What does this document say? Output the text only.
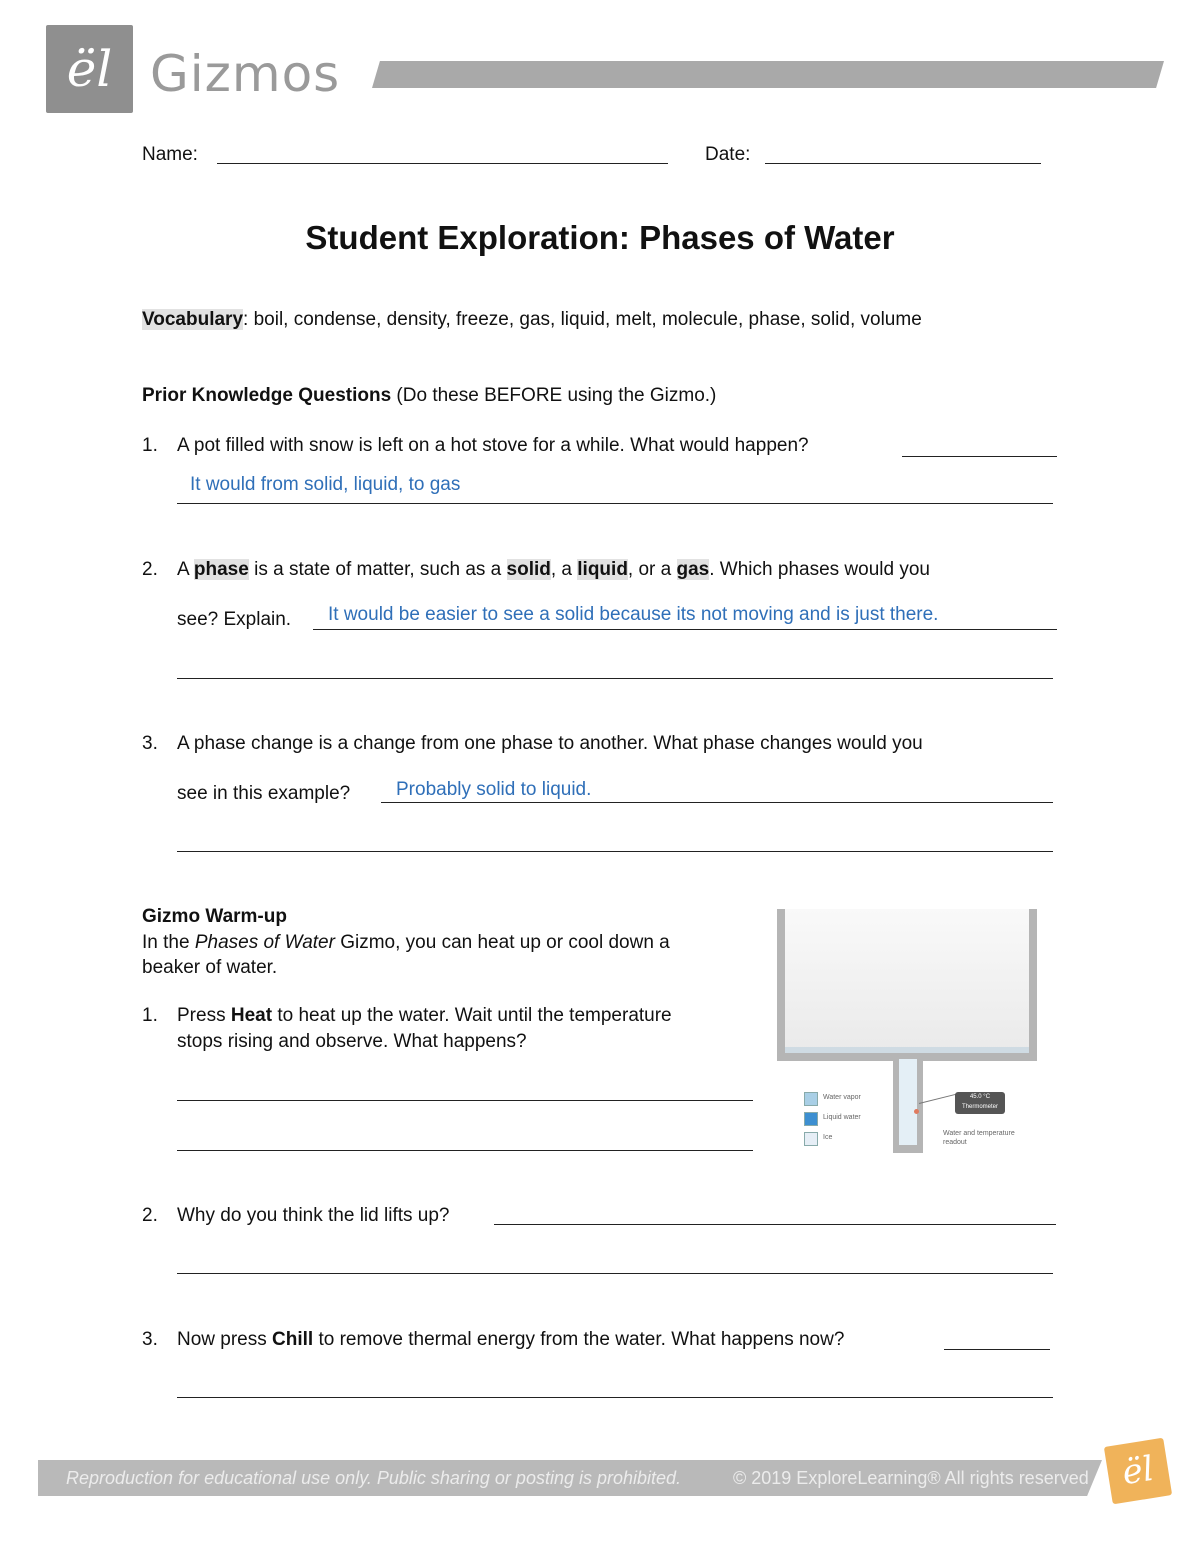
ël Gizmos
Name:	Date:
Student Exploration: Phases of Water
Vocabulary: boil, condense, density, freeze, gas, liquid, melt, molecule, phase, solid, volume
Prior Knowledge Questions (Do these BEFORE using the Gizmo.)
1. A pot filled with snow is left on a hot stove for a while. What would happen?
It would from solid, liquid, to gas
2. A phase is a state of matter, such as a solid, a liquid, or a gas. Which phases would you
see? Explain. It would be easier to see a solid because its not moving and is just there.
3. A phase change is a change from one phase to another. What phase changes would you
see in this example? Probably solid to liquid.
Gizmo Warm-up
In the Phases of Water Gizmo, you can heat up or cool down a
beaker of water.
1. Press Heat to heat up the water. Wait until the temperature
stops rising and observe. What happens?
Water vapor
Liquid water
Ice
45.0 °C
Thermometer
Water and temperature
readout
2. Why do you think the lid lifts up?
3. Now press Chill to remove thermal energy from the water. What happens now?
Reproduction for educational use only. Public sharing or posting is prohibited.	© 2019 ExploreLearning® All rights reserved ël
